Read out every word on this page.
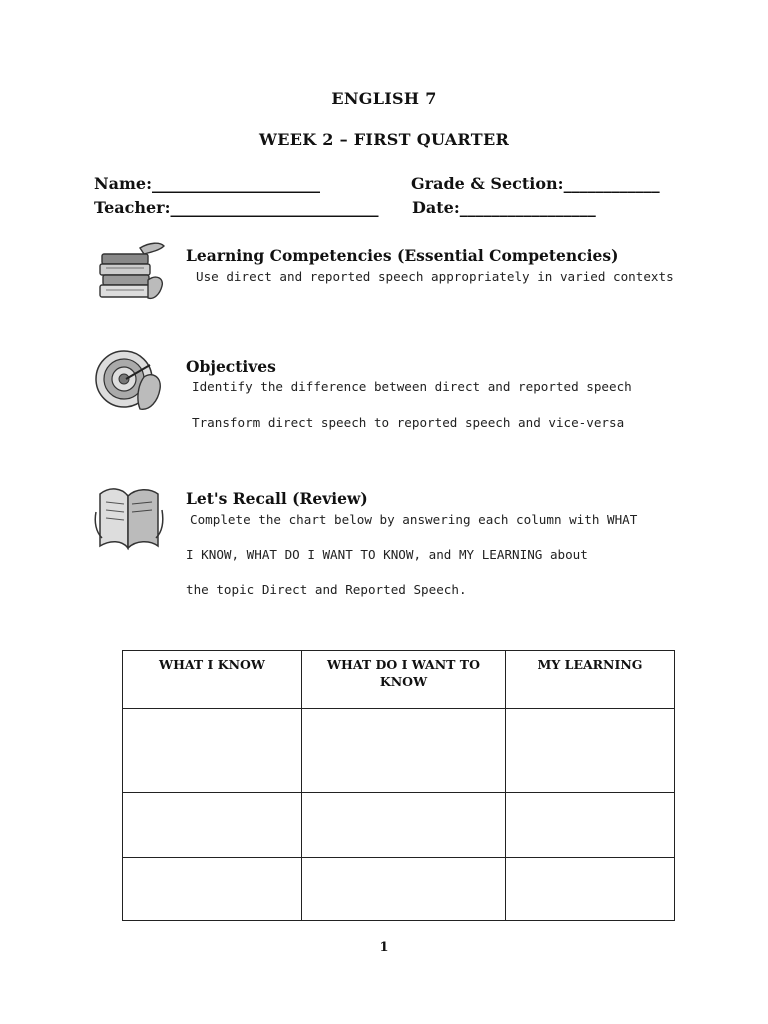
ENGLISH 7
WEEK 2 – FIRST QUARTER
Name:_____________________	Grade & Section:____________
Teacher:__________________________ Date:_________________
Learning Competencies (Essential Competencies)
Use direct and reported speech appropriately in varied contexts
Objectives
Identify the difference between direct and reported speech
Transform direct speech to reported speech and vice-versa
Let's Recall (Review)
Complete the chart below by answering each column with WHAT
I KNOW, WHAT DO I WANT TO KNOW, and MY LEARNING about
the topic Direct and Reported Speech.
WHAT I KNOW	WHAT DO I WANT TO KNOW	MY LEARNING

1
